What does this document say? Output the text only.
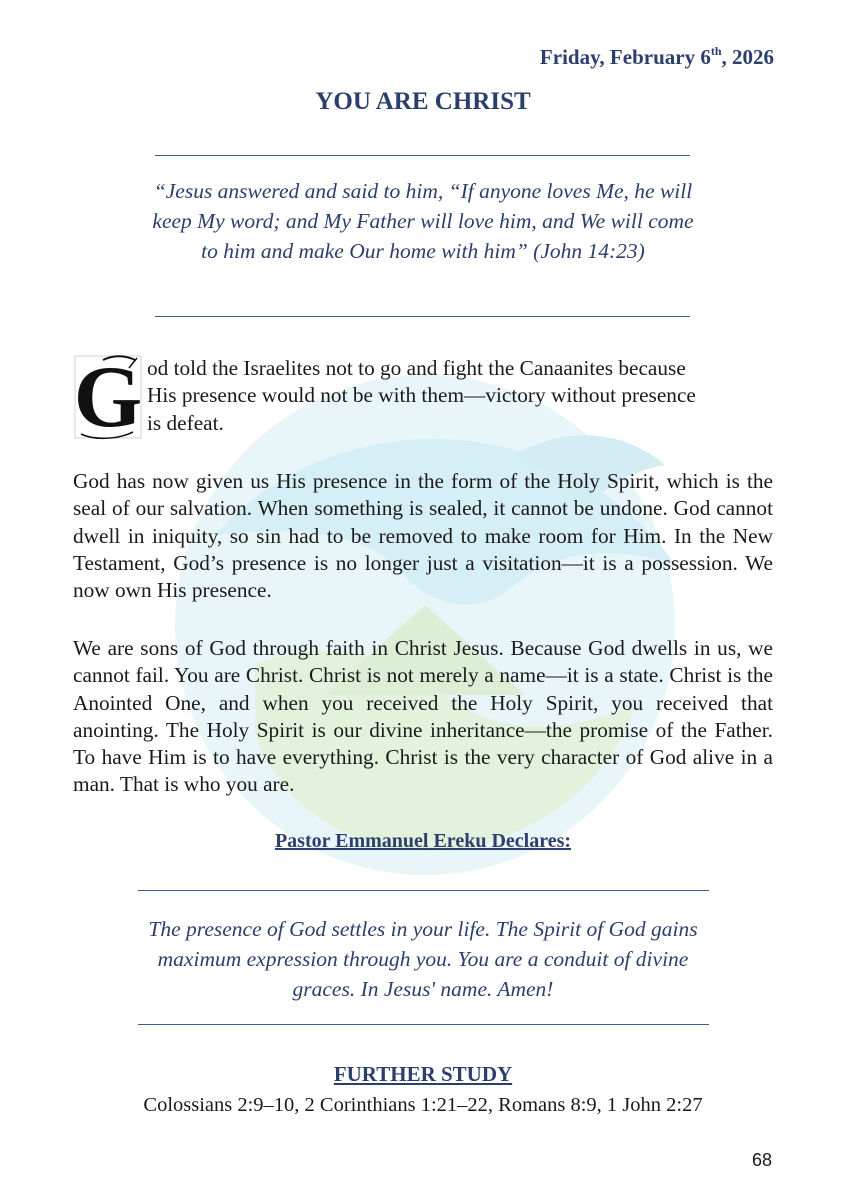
Friday, February 6th, 2026
YOU ARE CHRIST
“Jesus answered and said to him, “If anyone loves Me, he will keep My word; and My Father will love him, and We will come to him and make Our home with him” (John 14:23)
G od told the Israelites not to go and fight the Canaanites because
His presence would not be with them—victory without presence
is defeat.
God has now given us His presence in the form of the Holy Spirit, which is the seal of our salvation. When something is sealed, it cannot be undone. God cannot dwell in iniquity, so sin had to be removed to make room for Him. In the New Testament, God’s presence is no longer just a visitation—it is a possession. We now own His presence.
We are sons of God through faith in Christ Jesus. Because God dwells in us, we cannot fail. You are Christ. Christ is not merely a name—it is a state. Christ is the Anointed One, and when you received the Holy Spirit, you received that anointing. The Holy Spirit is our divine inheritance—the promise of the Father. To have Him is to have everything. Christ is the very character of God alive in a man. That is who you are.
Pastor Emmanuel Ereku Declares:
The presence of God settles in your life. The Spirit of God gains maximum expression through you. You are a conduit of divine graces. In Jesus' name. Amen!
FURTHER STUDY
Colossians 2:9–10, 2 Corinthians 1:21–22, Romans 8:9, 1 John 2:27
68
